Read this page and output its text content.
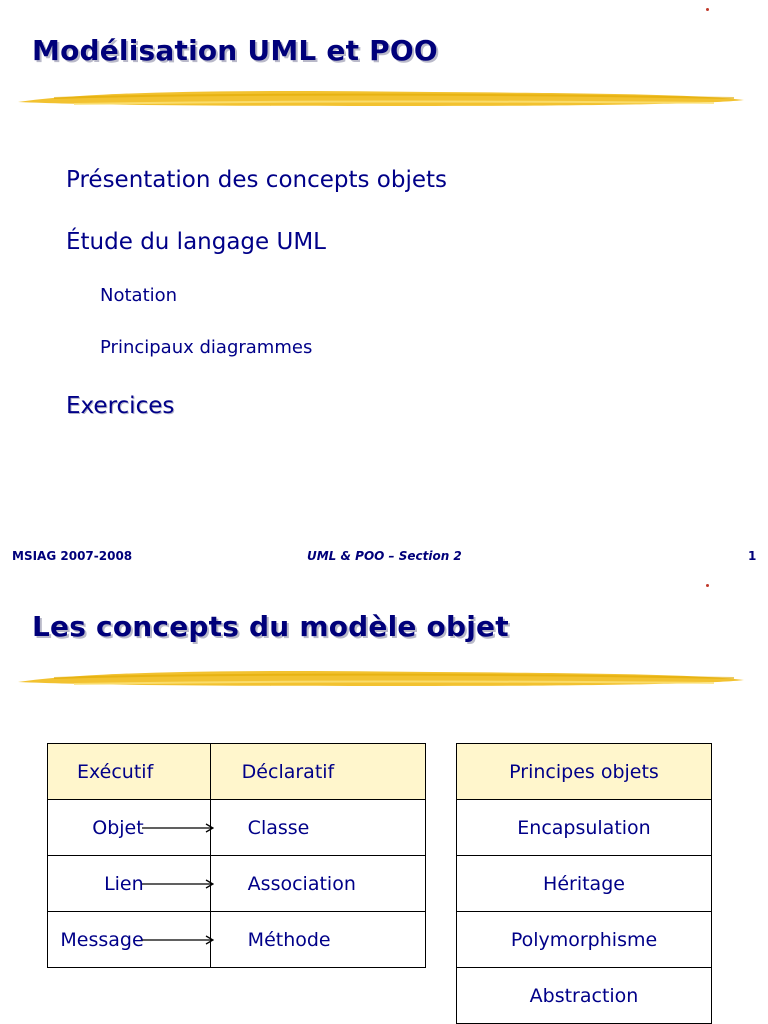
Modélisation UML et POO
Présentation des concepts objets
Étude du langage UML
Notation
Principaux diagrammes
Exercices
MSIAG 2007-2008	UML & POO – Section 2	1
Les concepts du modèle objet
Exécutif	Déclaratif

Objet	Classe

Lien	Association

Message	Méthode
Principes objets
Encapsulation
Héritage
Polymorphisme
Abstraction
